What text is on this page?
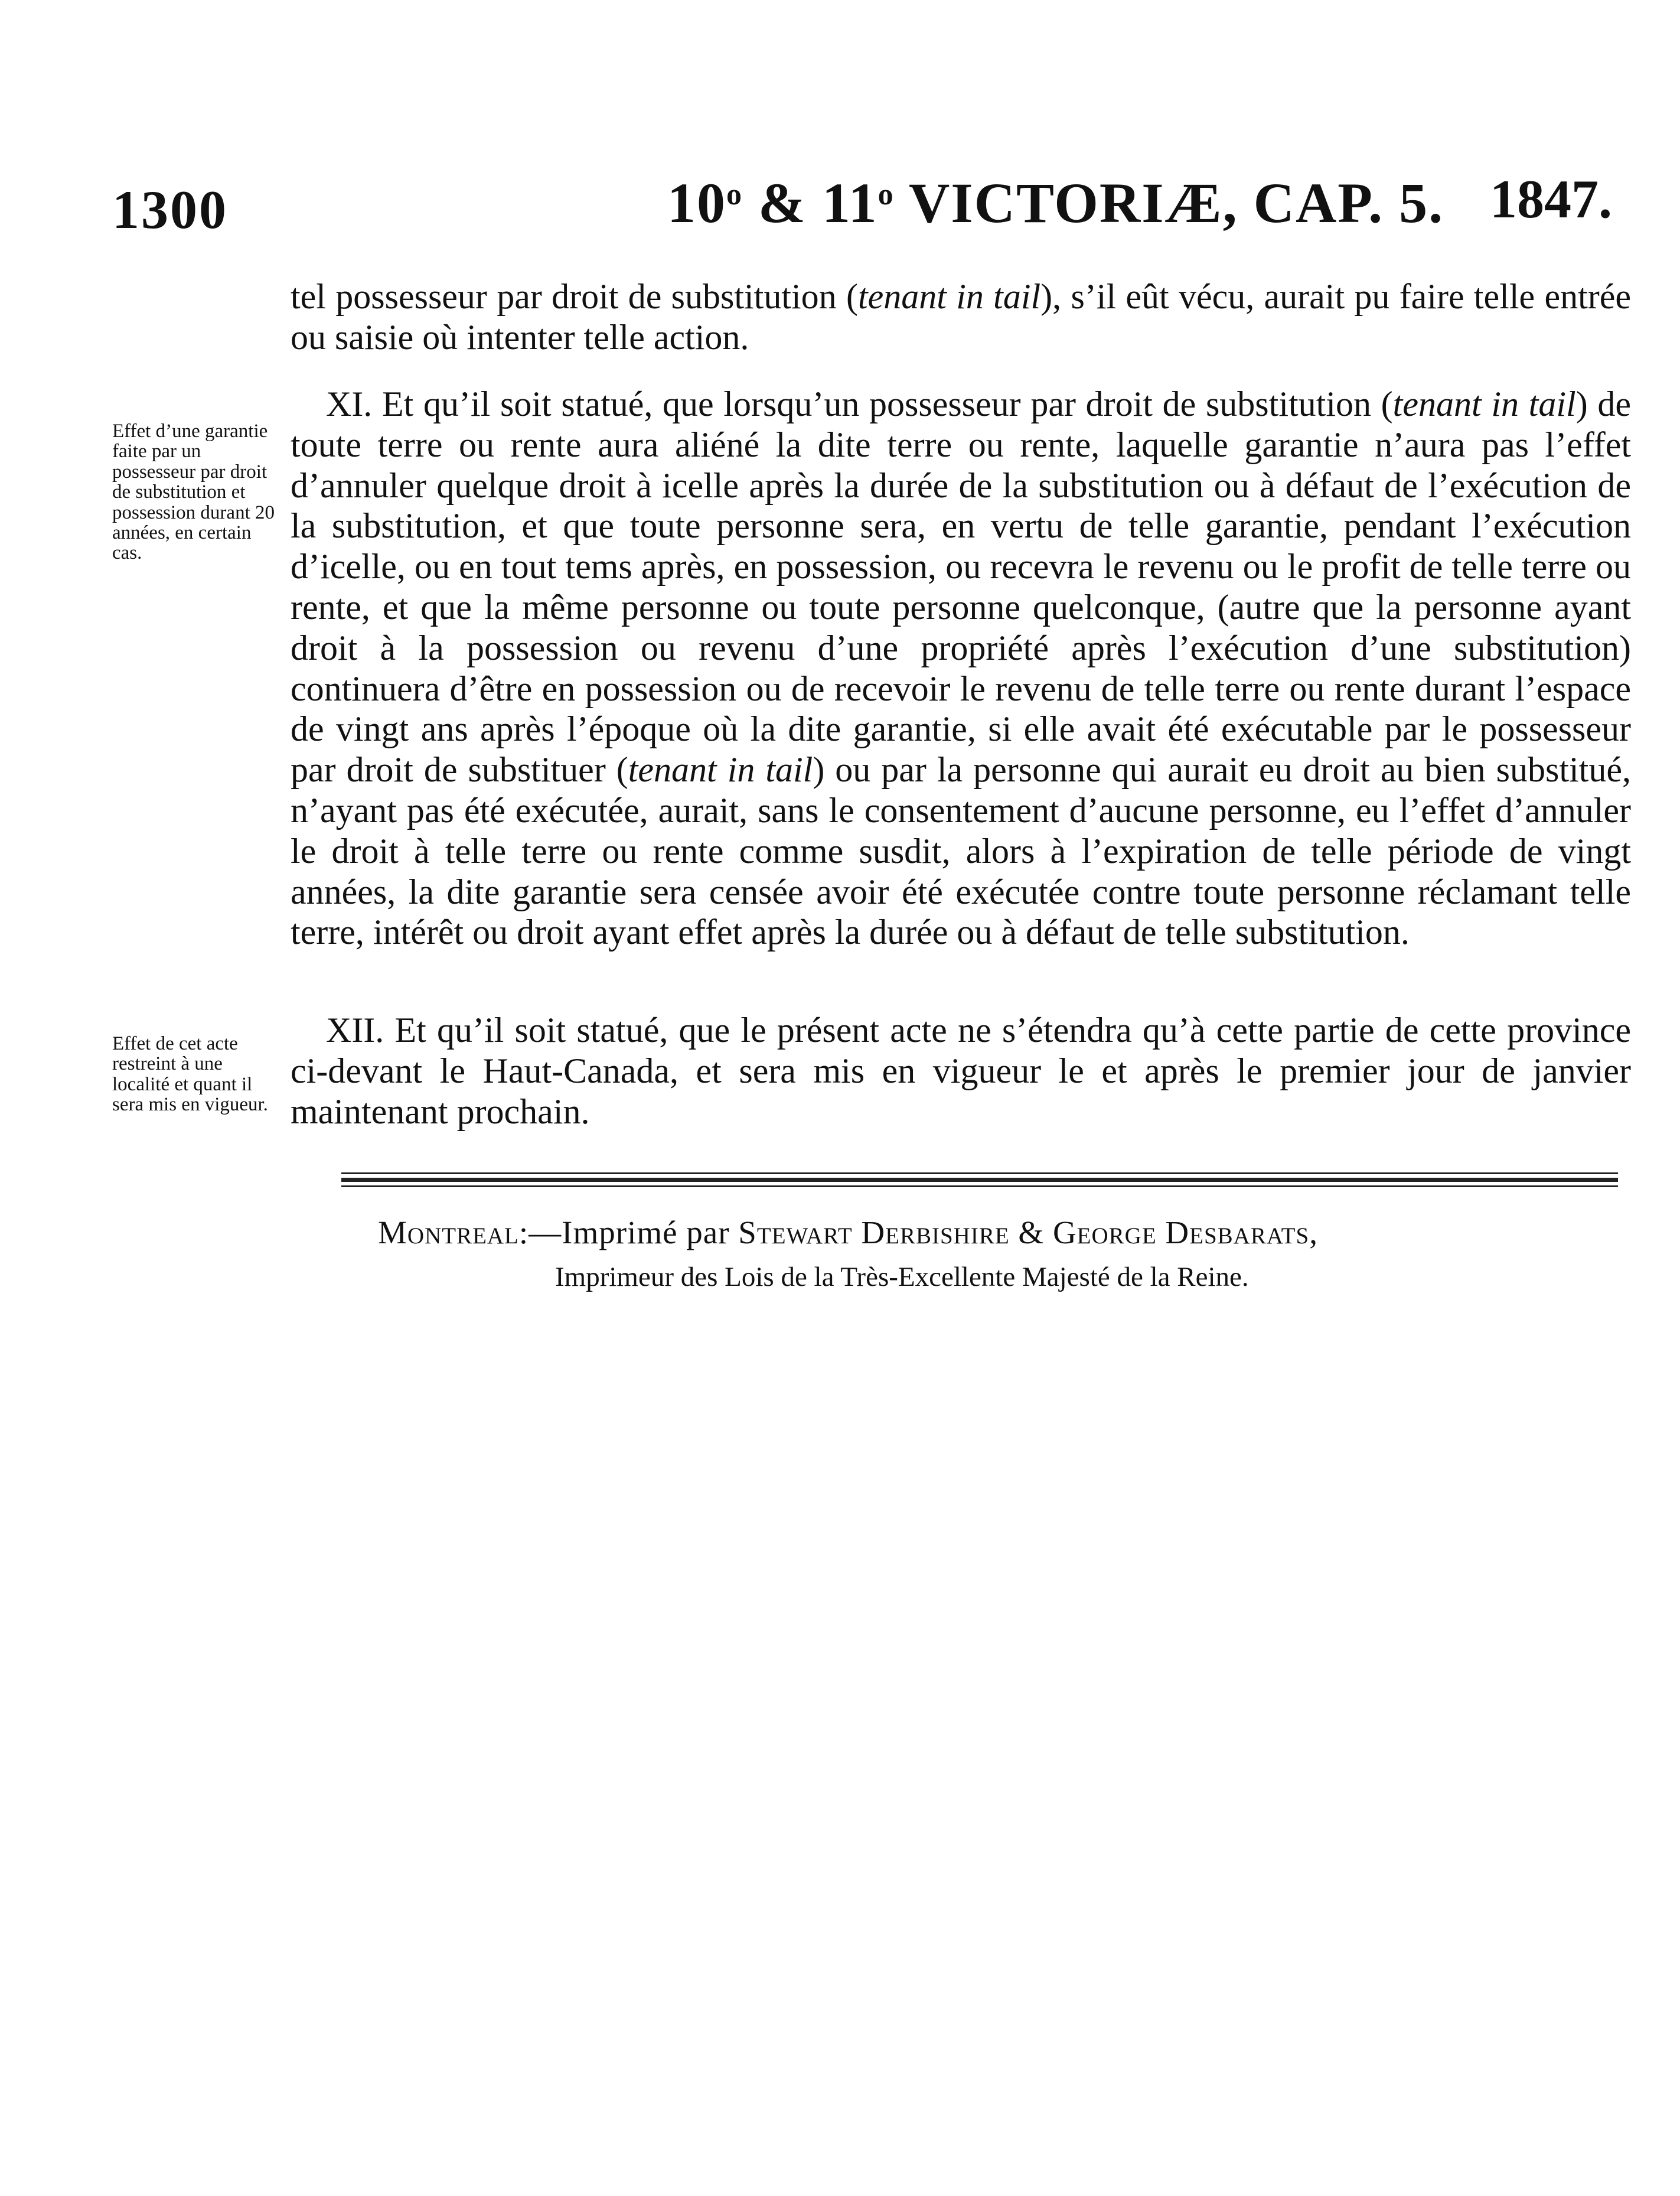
1300	10$^o$ & 11$^o$ VICTORIÆ, CAP. 5. 1847.
tel possesseur par droit de substitution (tenant in tail), s’il eût vécu, aurait pu faire telle entrée ou saisie où intenter telle action.
Effet d’une garantie faite par un possesseur par droit de substitution et possession durant 20 années, en certain cas.
XI. Et qu’il soit statué, que lorsqu’un possesseur par droit de substitution (tenant in tail) de toute terre ou rente aura aliéné la dite terre ou rente, laquelle garantie n’aura pas l’effet d’annuler quelque droit à icelle après la durée de la substitution ou à défaut de l’exécution de la substitution, et que toute personne sera, en vertu de telle garantie, pendant l’exécution d’icelle, ou en tout tems après, en possession, ou recevra le revenu ou le profit de telle terre ou rente, et que la même personne ou toute personne quelconque, (autre que la personne ayant droit à la possession ou revenu d’une propriété après l’exécution d’une substitution) continuera d’être en possession ou de recevoir le revenu de telle terre ou rente durant l’espace de vingt ans après l’époque où la dite garantie, si elle avait été exécutable par le possesseur par droit de substituer (tenant in tail) ou par la personne qui aurait eu droit au bien substitué, n’ayant pas été exécutée, aurait, sans le consentement d’aucune personne, eu l’effet d’annuler le droit à telle terre ou rente comme susdit, alors à l’expiration de telle période de vingt années, la dite garantie sera censée avoir été exécutée contre toute personne réclamant telle terre, intérêt ou droit ayant effet après la durée ou à défaut de telle substitution.
Effet de cet acte restreint à une localité et quant il sera mis en vigueur.
XII. Et qu’il soit statué, que le présent acte ne s’étendra qu’à cette partie de cette province ci-devant le Haut-Canada, et sera mis en vigueur le et après le premier jour de janvier maintenant prochain.
Montreal:—Imprimé par Stewart Derbishire & George Desbarats,
Imprimeur des Lois de la Très-Excellente Majesté de la Reine.
